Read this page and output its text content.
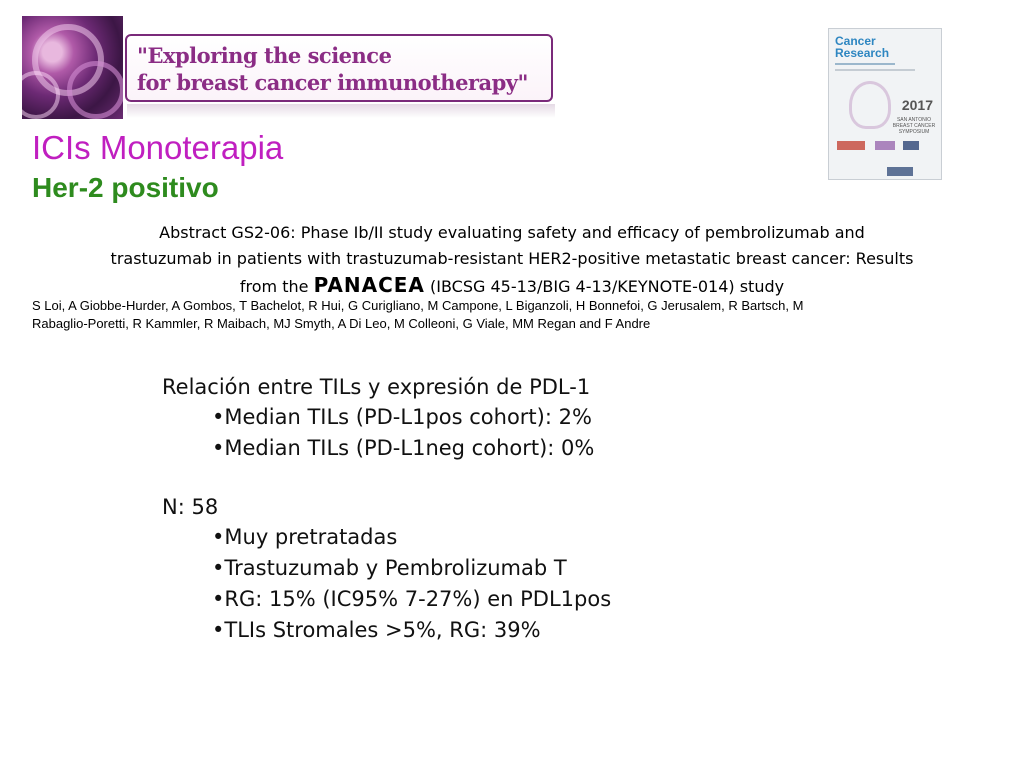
"Exploring the science
for breast cancer immunotherapy"
Cancer Research
2017
SAN ANTONIO BREAST CANCER SYMPOSIUM
ICIs Monoterapia
Her-2 positivo
Abstract GS2-06: Phase Ib/II study evaluating safety and efficacy of pembrolizumab and
trastuzumab in patients with trastuzumab-resistant HER2-positive metastatic breast cancer: Results
from the PANACEA (IBCSG 45-13/BIG 4-13/KEYNOTE-014) study
S Loi, A Giobbe-Hurder, A Gombos, T Bachelot, R Hui, G Curigliano, M Campone, L Biganzoli, H Bonnefoi, G Jerusalem, R Bartsch, M
Rabaglio-Poretti, R Kammler, R Maibach, MJ Smyth, A Di Leo, M Colleoni, G Viale, MM Regan and F Andre
Relación entre TILs y expresión de PDL-1
•Median TILs (PD-L1pos cohort): 2%
•Median TILs (PD-L1neg cohort): 0%
N: 58
•Muy pretratadas
•Trastuzumab y Pembrolizumab T
•RG: 15% (IC95% 7-27%) en PDL1pos
•TLIs Stromales >5%, RG: 39%
